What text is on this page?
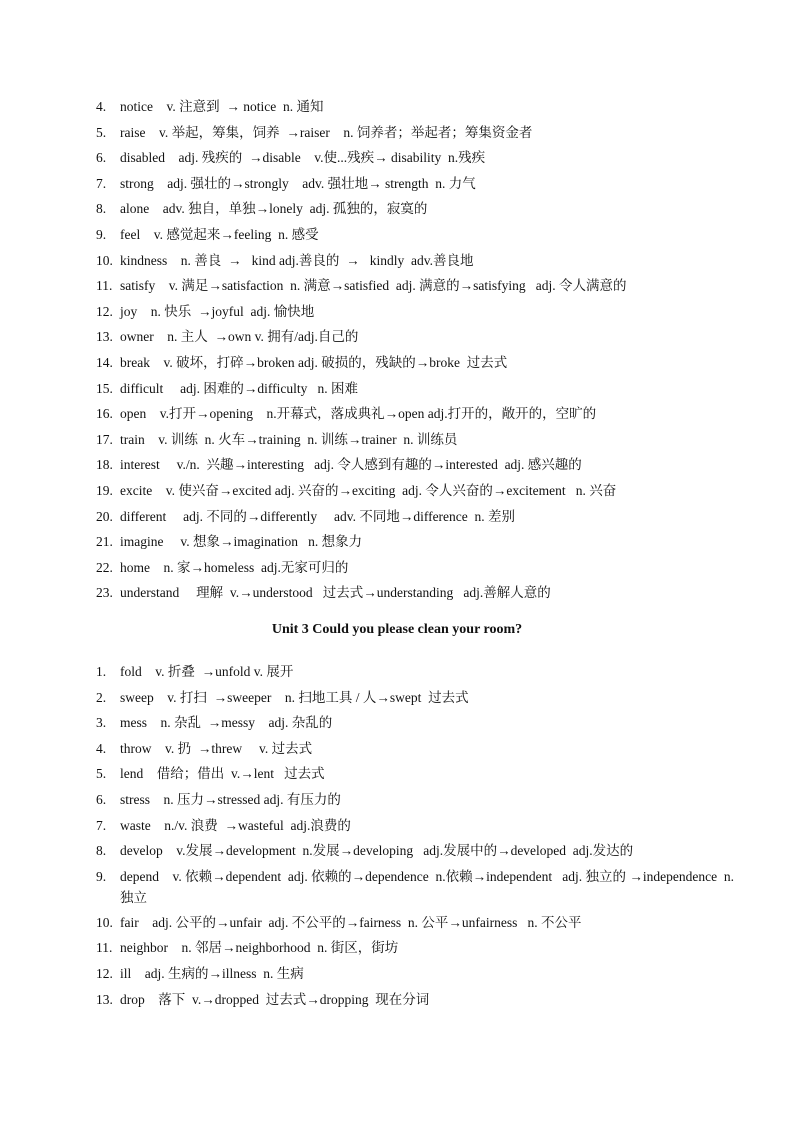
4.	notice    v. 注意到  → notice  n. 通知
5.	raise    v. 举起，筹集，饲养  →raiser    n. 饲养者；举起者；筹集资金者
6.	disabled    adj. 残疾的  →disable    v.使...残疾→ disability  n.残疾
7.	strong    adj. 强壮的→strongly    adv. 强壮地→ strength  n. 力气
8.	alone    adv. 独自，单独→lonely  adj. 孤独的，寂寞的
9.	feel    v. 感觉起来→feeling  n. 感受
10. kindness    n. 善良  →   kind adj.善良的  →   kindly  adv.善良地
11. satisfy    v. 满足→satisfaction  n. 满意→satisfied  adj. 满意的→satisfying   adj. 令人满意的
12. joy    n. 快乐  →joyful  adj. 愉快地
13. owner    n. 主人  →own v. 拥有/adj.自己的
14. break    v. 破坏，打碎→broken adj. 破损的，残缺的→broke  过去式
15. difficult     adj. 困难的→difficulty   n. 困难
16. open    v.打开→opening    n.开幕式，落成典礼→open adj.打开的，敞开的，空旷的
17. train    v. 训练  n. 火车→training  n. 训练→trainer  n. 训练员
18. interest     v./n.  兴趣→interesting   adj. 令人感到有趣的→interested  adj. 感兴趣的
19. excite    v. 使兴奋→excited adj. 兴奋的→exciting  adj. 令人兴奋的→excitement   n. 兴奋
20. different     adj. 不同的→differently     adv. 不同地→difference  n. 差别
21. imagine     v. 想象→imagination   n. 想象力
22. home    n. 家→homeless  adj.无家可归的
23. understand     理解  v.→understood   过去式→understanding   adj.善解人意的
Unit 3 Could you please clean your room?
1.	fold    v. 折叠  →unfold v. 展开
2.	sweep    v. 打扫  →sweeper    n. 扫地工具 / 人→swept  过去式
3.	mess    n. 杂乱  →messy    adj. 杂乱的
4.	throw    v. 扔  →threw     v. 过去式
5.	lend    借给；借出  v.→lent   过去式
6.	stress    n. 压力→stressed adj. 有压力的
7.	waste    n./v. 浪费  →wasteful  adj.浪费的
8.	develop    v.发展→development  n.发展→developing   adj.发展中的→developed  adj.发达的
9.	depend    v. 依赖→dependent  adj. 依赖的→dependence  n.依赖→independent   adj. 独立的 →independence  n.独立
10. fair    adj. 公平的→unfair  adj. 不公平的→fairness  n. 公平→unfairness   n. 不公平
11. neighbor    n. 邻居→neighborhood  n. 街区，街坊
12. ill    adj. 生病的→illness  n. 生病
13. drop    落下  v.→dropped  过去式→dropping  现在分词
